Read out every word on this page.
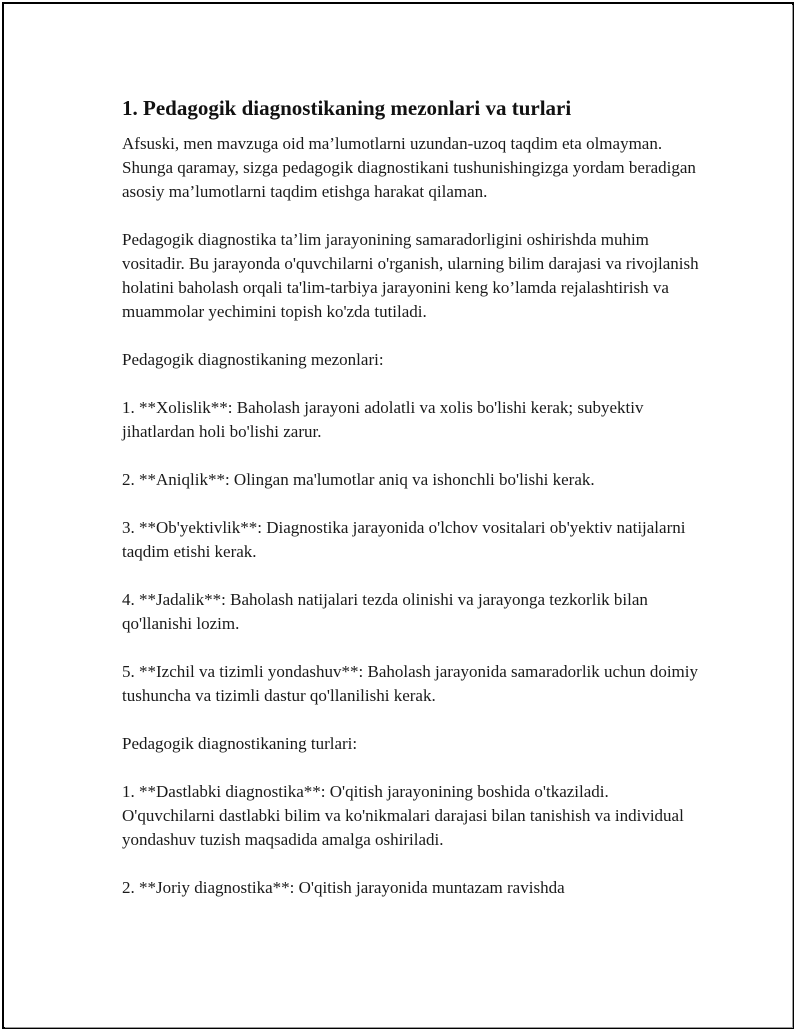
1. Pedagogik diagnostikaning mezonlari va turlari

Afsuski, men mavzuga oid ma’lumotlarni uzundan-uzoq taqdim eta olmayman. Shunga qaramay, sizga pedagogik diagnostikani tushunishingizga yordam beradigan asosiy ma’lumotlarni taqdim etishga harakat qilaman.

Pedagogik diagnostika ta’lim jarayonining samaradorligini oshirishda muhim vositadir. Bu jarayonda o'quvchilarni o'rganish, ularning bilim darajasi va rivojlanish holatini baholash orqali ta'lim-tarbiya jarayonini keng ko’lamda rejalashtirish va muammolar yechimini topish ko'zda tutiladi.

Pedagogik diagnostikaning mezonlari:

1. **Xolislik**: Baholash jarayoni adolatli va xolis bo'lishi kerak; subyektiv jihatlardan holi bo'lishi zarur.

2. **Aniqlik**: Olingan ma'lumotlar aniq va ishonchli bo'lishi kerak.

3. **Ob'yektivlik**: Diagnostika jarayonida o'lchov vositalari ob'yektiv natijalarni taqdim etishi kerak.

4. **Jadalik**: Baholash natijalari tezda olinishi va jarayonga tezkorlik bilan qo'llanishi lozim.

5. **Izchil va tizimli yondashuv**: Baholash jarayonida samaradorlik uchun doimiy tushuncha va tizimli dastur qo'llanilishi kerak.

Pedagogik diagnostikaning turlari:

1. **Dastlabki diagnostika**: O'qitish jarayonining boshida o'tkaziladi. O'quvchilarni dastlabki bilim va ko'nikmalari darajasi bilan tanishish va individual yondashuv tuzish maqsadida amalga oshiriladi.

2. **Joriy diagnostika**: O'qitish jarayonida muntazam ravishda
